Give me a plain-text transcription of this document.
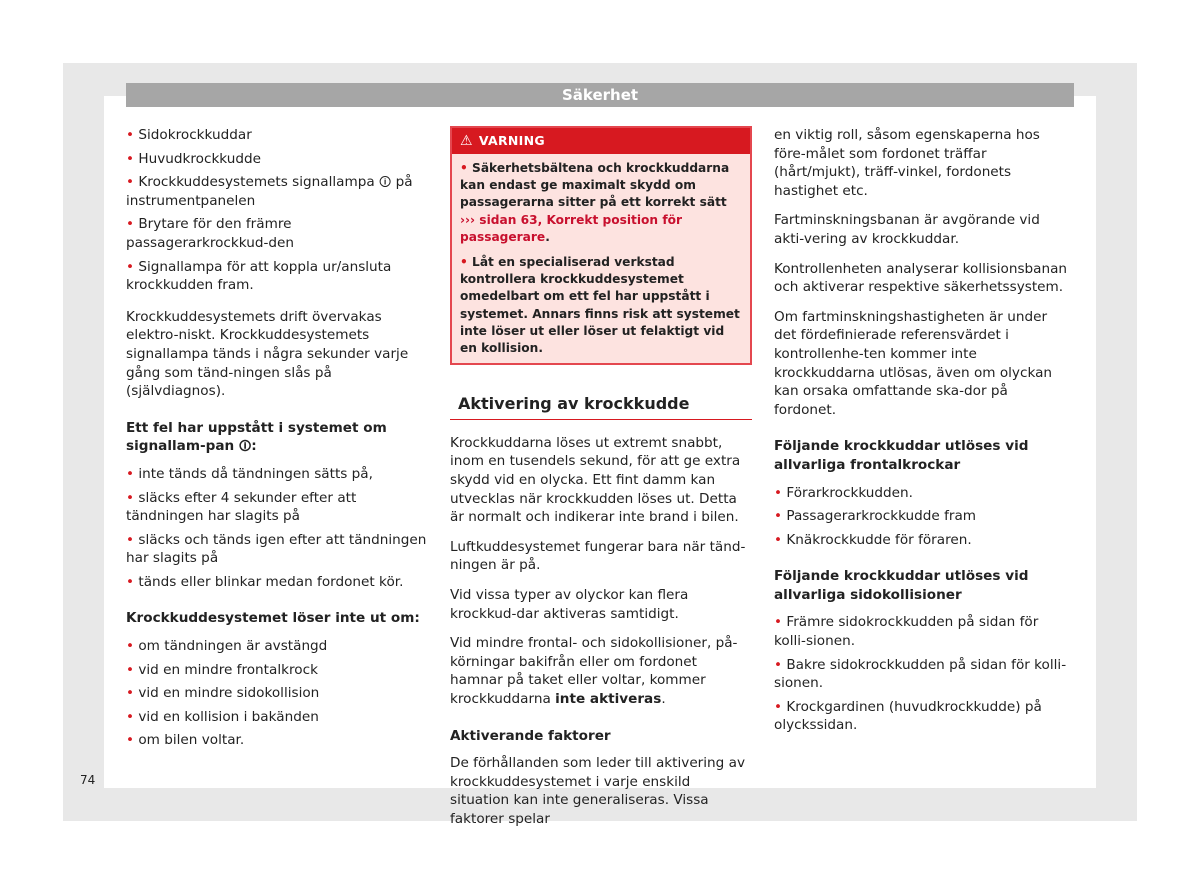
Säkerhet
• Sidokrockkuddar
• Huvudkrockkudde
• Krockkuddesystemets signallampa 🛈 på instrumentpanelen
• Brytare för den främre passagerarkrockkud-den
• Signallampa för att koppla ur/ansluta krockkudden fram.

Krockkuddesystemets drift övervakas elektro-niskt. Krockkuddesystemets signallampa tänds i några sekunder varje gång som tänd-ningen slås på (självdiagnos).

Ett fel har uppstått i systemet om signallam-pan 🛈:
• inte tänds då tändningen sätts på,
• släcks efter 4 sekunder efter att tändningen har slagits på
• släcks och tänds igen efter att tändningen har slagits på
• tänds eller blinkar medan fordonet kör.
Krockkuddesystemet löser inte ut om:
• om tändningen är avstängd
• vid en mindre frontalkrock
• vid en mindre sidokollision
• vid en kollision i bakänden
• om bilen voltar.
⚠ VARNING

• Säkerhetsbältena och krockkuddarna kan endast ge maximalt skydd om passagerarna sitter på ett korrekt sätt ››› sidan 63, Korrekt position för passagerare.

• Låt en specialiserad verkstad kontrollera krockkuddesystemet omedelbart om ett fel har uppstått i systemet. Annars finns risk att systemet inte löser ut eller löser ut felaktigt vid en kollision.

Aktivering av krockkudde

Krockkuddarna löses ut extremt snabbt, inom en tusendels sekund, för att ge extra skydd vid en olycka. Ett fint damm kan utvecklas när krockkudden löses ut. Detta är normalt och indikerar inte brand i bilen.

Luftkuddesystemet fungerar bara när tänd-ningen är på.

Vid vissa typer av olyckor kan flera krockkud-dar aktiveras samtidigt.

Vid mindre frontal- och sidokollisioner, på-körningar bakifrån eller om fordonet hamnar på taket eller voltar, kommer krockkuddarna inte aktiveras.

Aktiverande faktorer

De förhållanden som leder till aktivering av krockkuddesystemet i varje enskild situation kan inte generaliseras. Vissa faktorer spelar

en viktig roll, såsom egenskaperna hos före-målet som fordonet träffar (hårt/mjukt), träff-vinkel, fordonets hastighet etc.

Fartminskningsbanan är avgörande vid akti-vering av krockkuddar.

Kontrollenheten analyserar kollisionsbanan och aktiverar respektive säkerhetssystem.

Om fartminskningshastigheten är under det fördefinierade referensvärdet i kontrollenhe-ten kommer inte krockkuddarna utlösas, även om olyckan kan orsaka omfattande ska-dor på fordonet.

Följande krockkuddar utlöses vid allvarliga frontalkrockar
• Förarkrockkudden.
• Passagerarkrockkudde fram
• Knäkrockkudde för föraren.
Följande krockkuddar utlöses vid allvarliga sidokollisioner
• Främre sidokrockkudden på sidan för kolli-sionen.
• Bakre sidokrockkudden på sidan för kolli-sionen.
• Krockgardinen (huvudkrockkudde) på olyckssidan.
74
